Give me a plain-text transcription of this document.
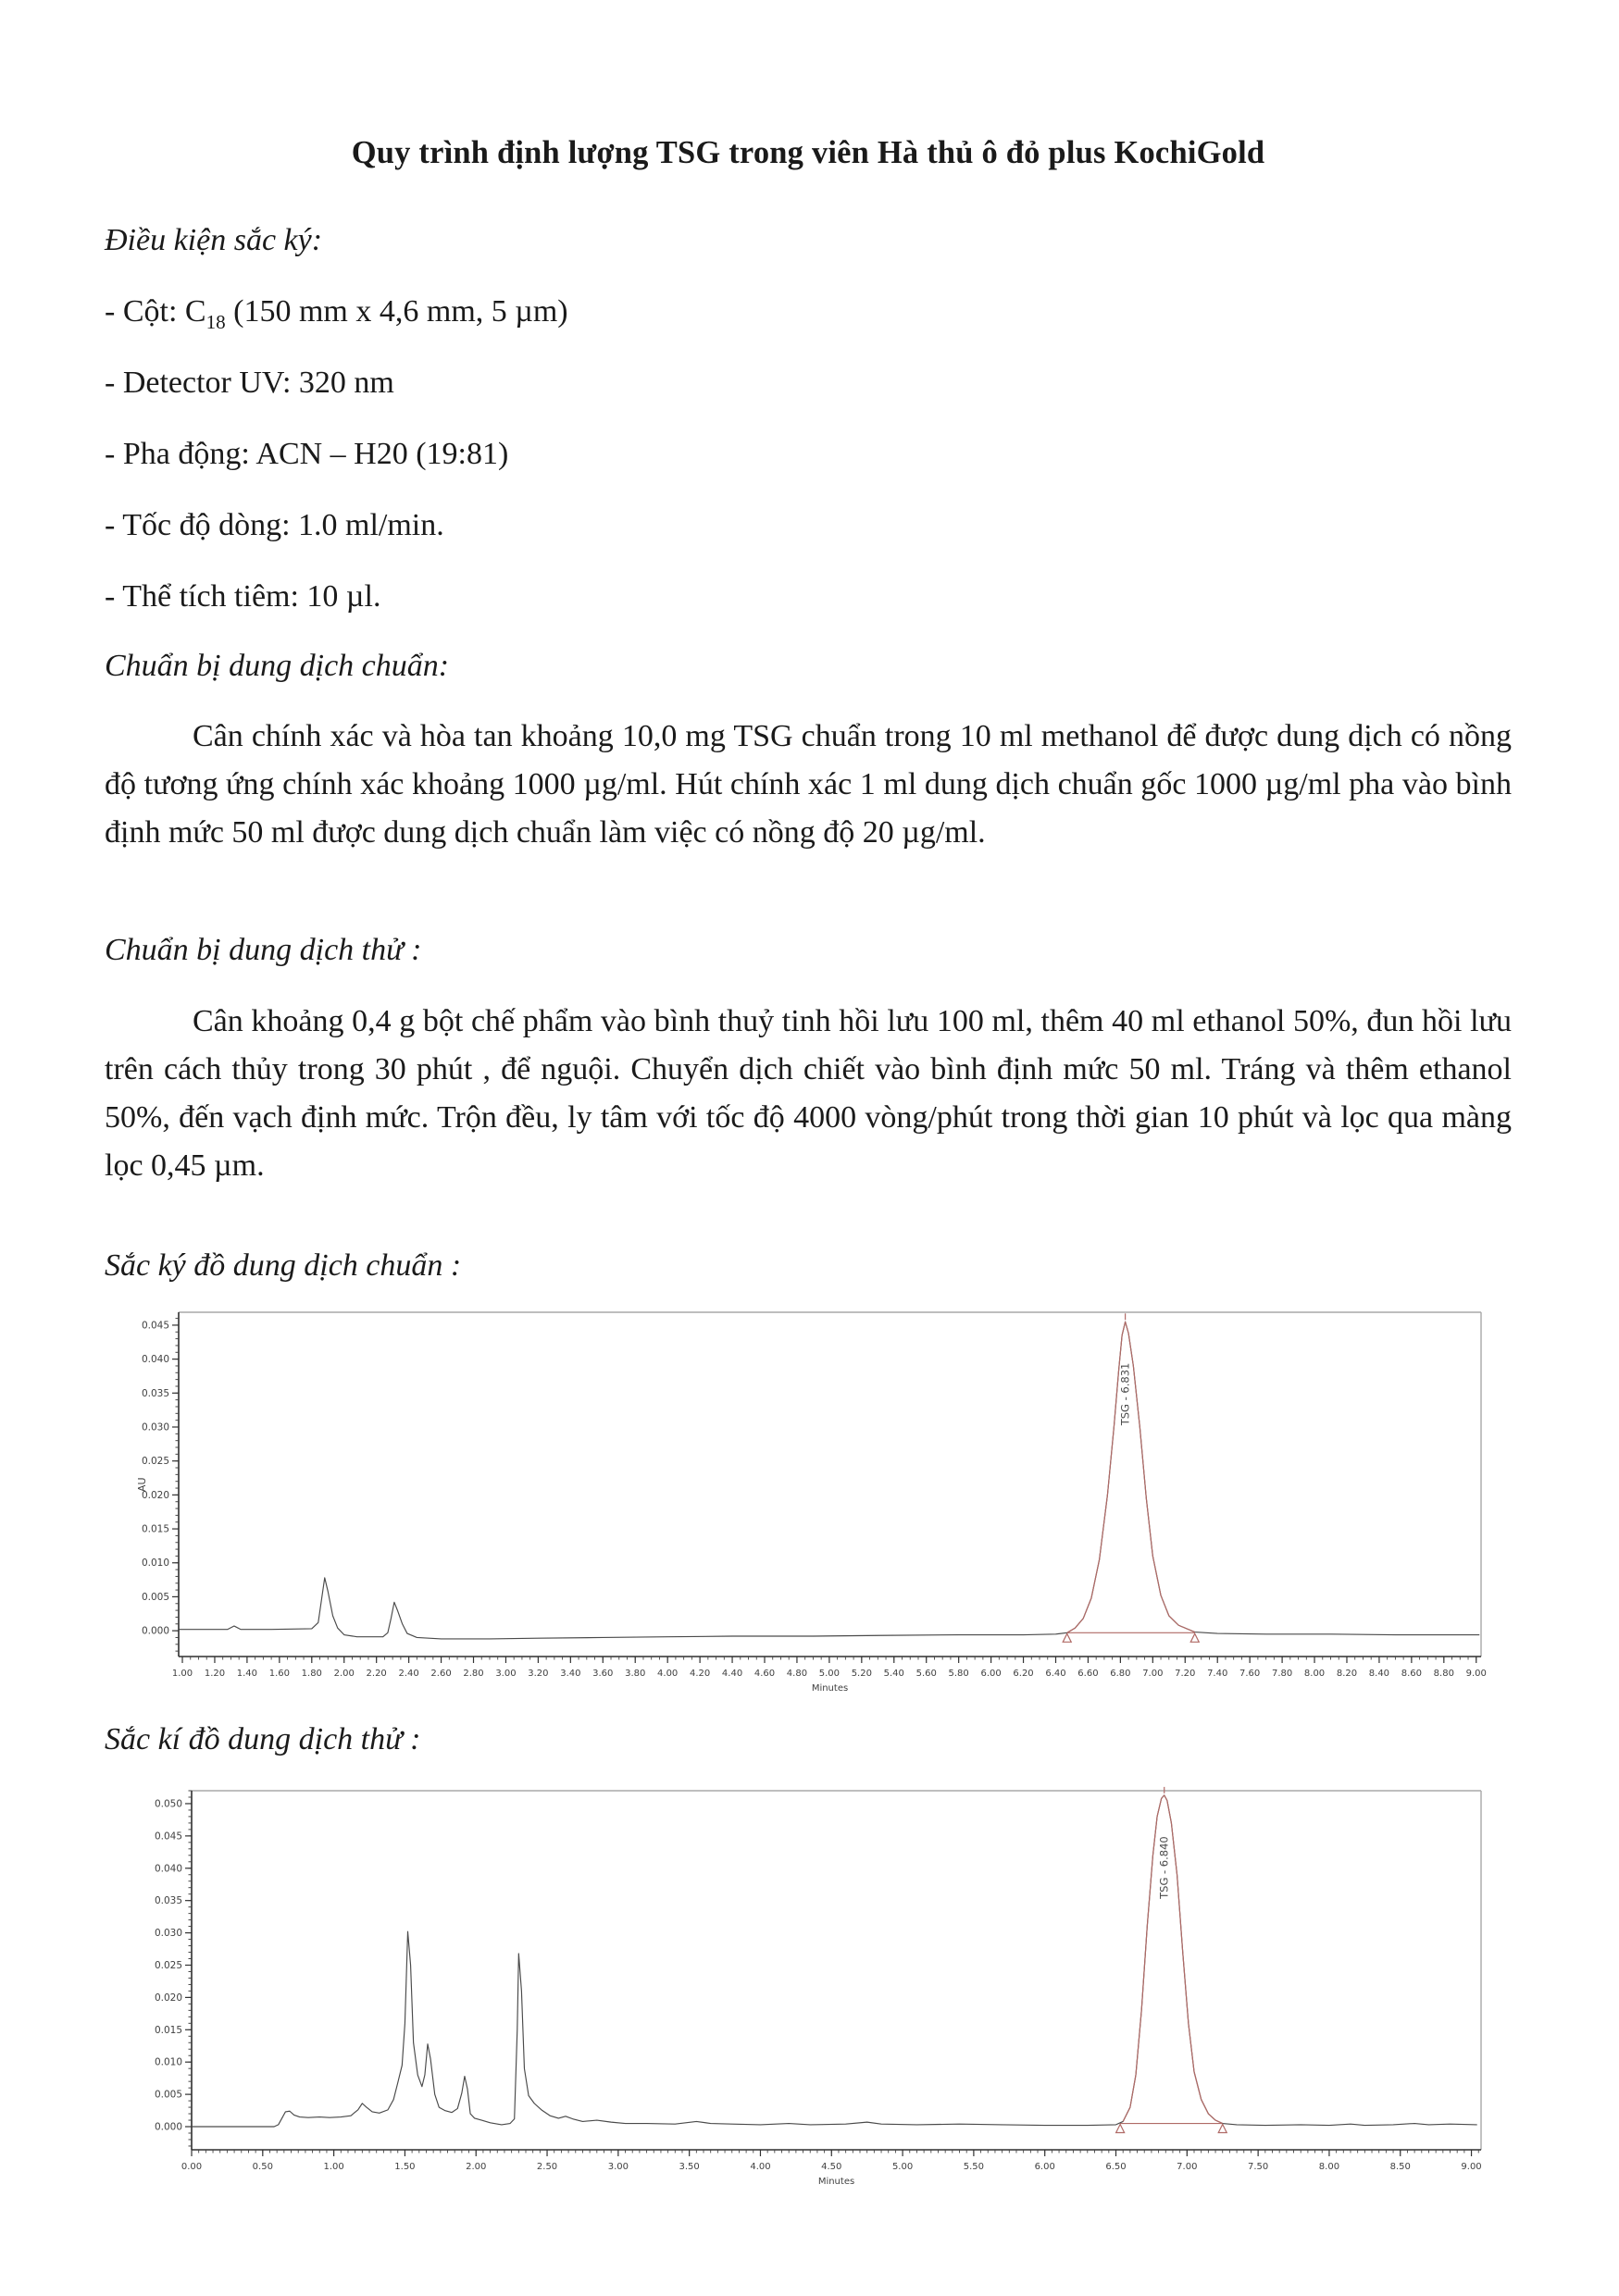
Quy trình định lượng TSG trong viên Hà thủ ô đỏ plus KochiGold
Điều kiện sắc ký:
- Cột: $C_{18}$ (150 mm x 4,6 mm, 5 µm)
- Detector UV: 320 nm
- Pha động: ACN – H20 (19:81)
- Tốc độ dòng: 1.0 ml/min.
- Thể tích tiêm: 10 µl.
Chuẩn bị dung dịch chuẩn:
Cân chính xác và hòa tan khoảng 10,0 mg TSG chuẩn trong 10 ml methanol để được dung dịch có nồng độ tương ứng chính xác khoảng 1000 µg/ml. Hút chính xác 1 ml dung dịch chuẩn gốc 1000 µg/ml pha vào bình định mức 50 ml được dung dịch chuẩn làm việc có nồng độ 20 µg/ml.
Chuẩn bị dung dịch thử :
Cân khoảng 0,4 g bột chế phẩm vào bình thuỷ tinh hồi lưu 100 ml, thêm 40 ml ethanol 50%, đun hồi lưu trên cách thủy trong 30 phút , để nguội. Chuyển dịch chiết vào bình định mức 50 ml. Tráng và thêm ethanol 50%, đến vạch định mức. Trộn đều, ly tâm với tốc độ 4000 vòng/phút trong thời gian 10 phút và lọc qua màng lọc 0,45 µm.
Sắc ký đồ dung dịch chuẩn :
0.000
0.005
0.010
0.015
0.020
0.025
0.030
0.035
0.040
0.045
1.00 1.20 1.40 1.60 1.80 2.00 2.20 2.40 2.60 2.80 3.00 3.20 3.40 3.60 3.80 4.00 4.20 4.40 4.60 4.80 5.00 5.20 5.40 5.60 5.80 6.00 6.20 6.40 6.60 6.80 7.00 7.20 7.40 7.60 7.80 8.00 8.20 8.40 8.60 8.80 9.00
Minutes
AU
TSG - 6.831
Sắc kí đồ dung dịch thử :
0.000
0.005
0.010
0.015
0.020
0.025
0.030
0.035
0.040
0.045
0.050
0.00	0.50	1.00	1.50	2.00	2.50	3.00	3.50	4.00	4.50	5.00	5.50	6.00	6.50	7.00	7.50	8.00	8.50	9.00
Minutes
TSG - 6.840
